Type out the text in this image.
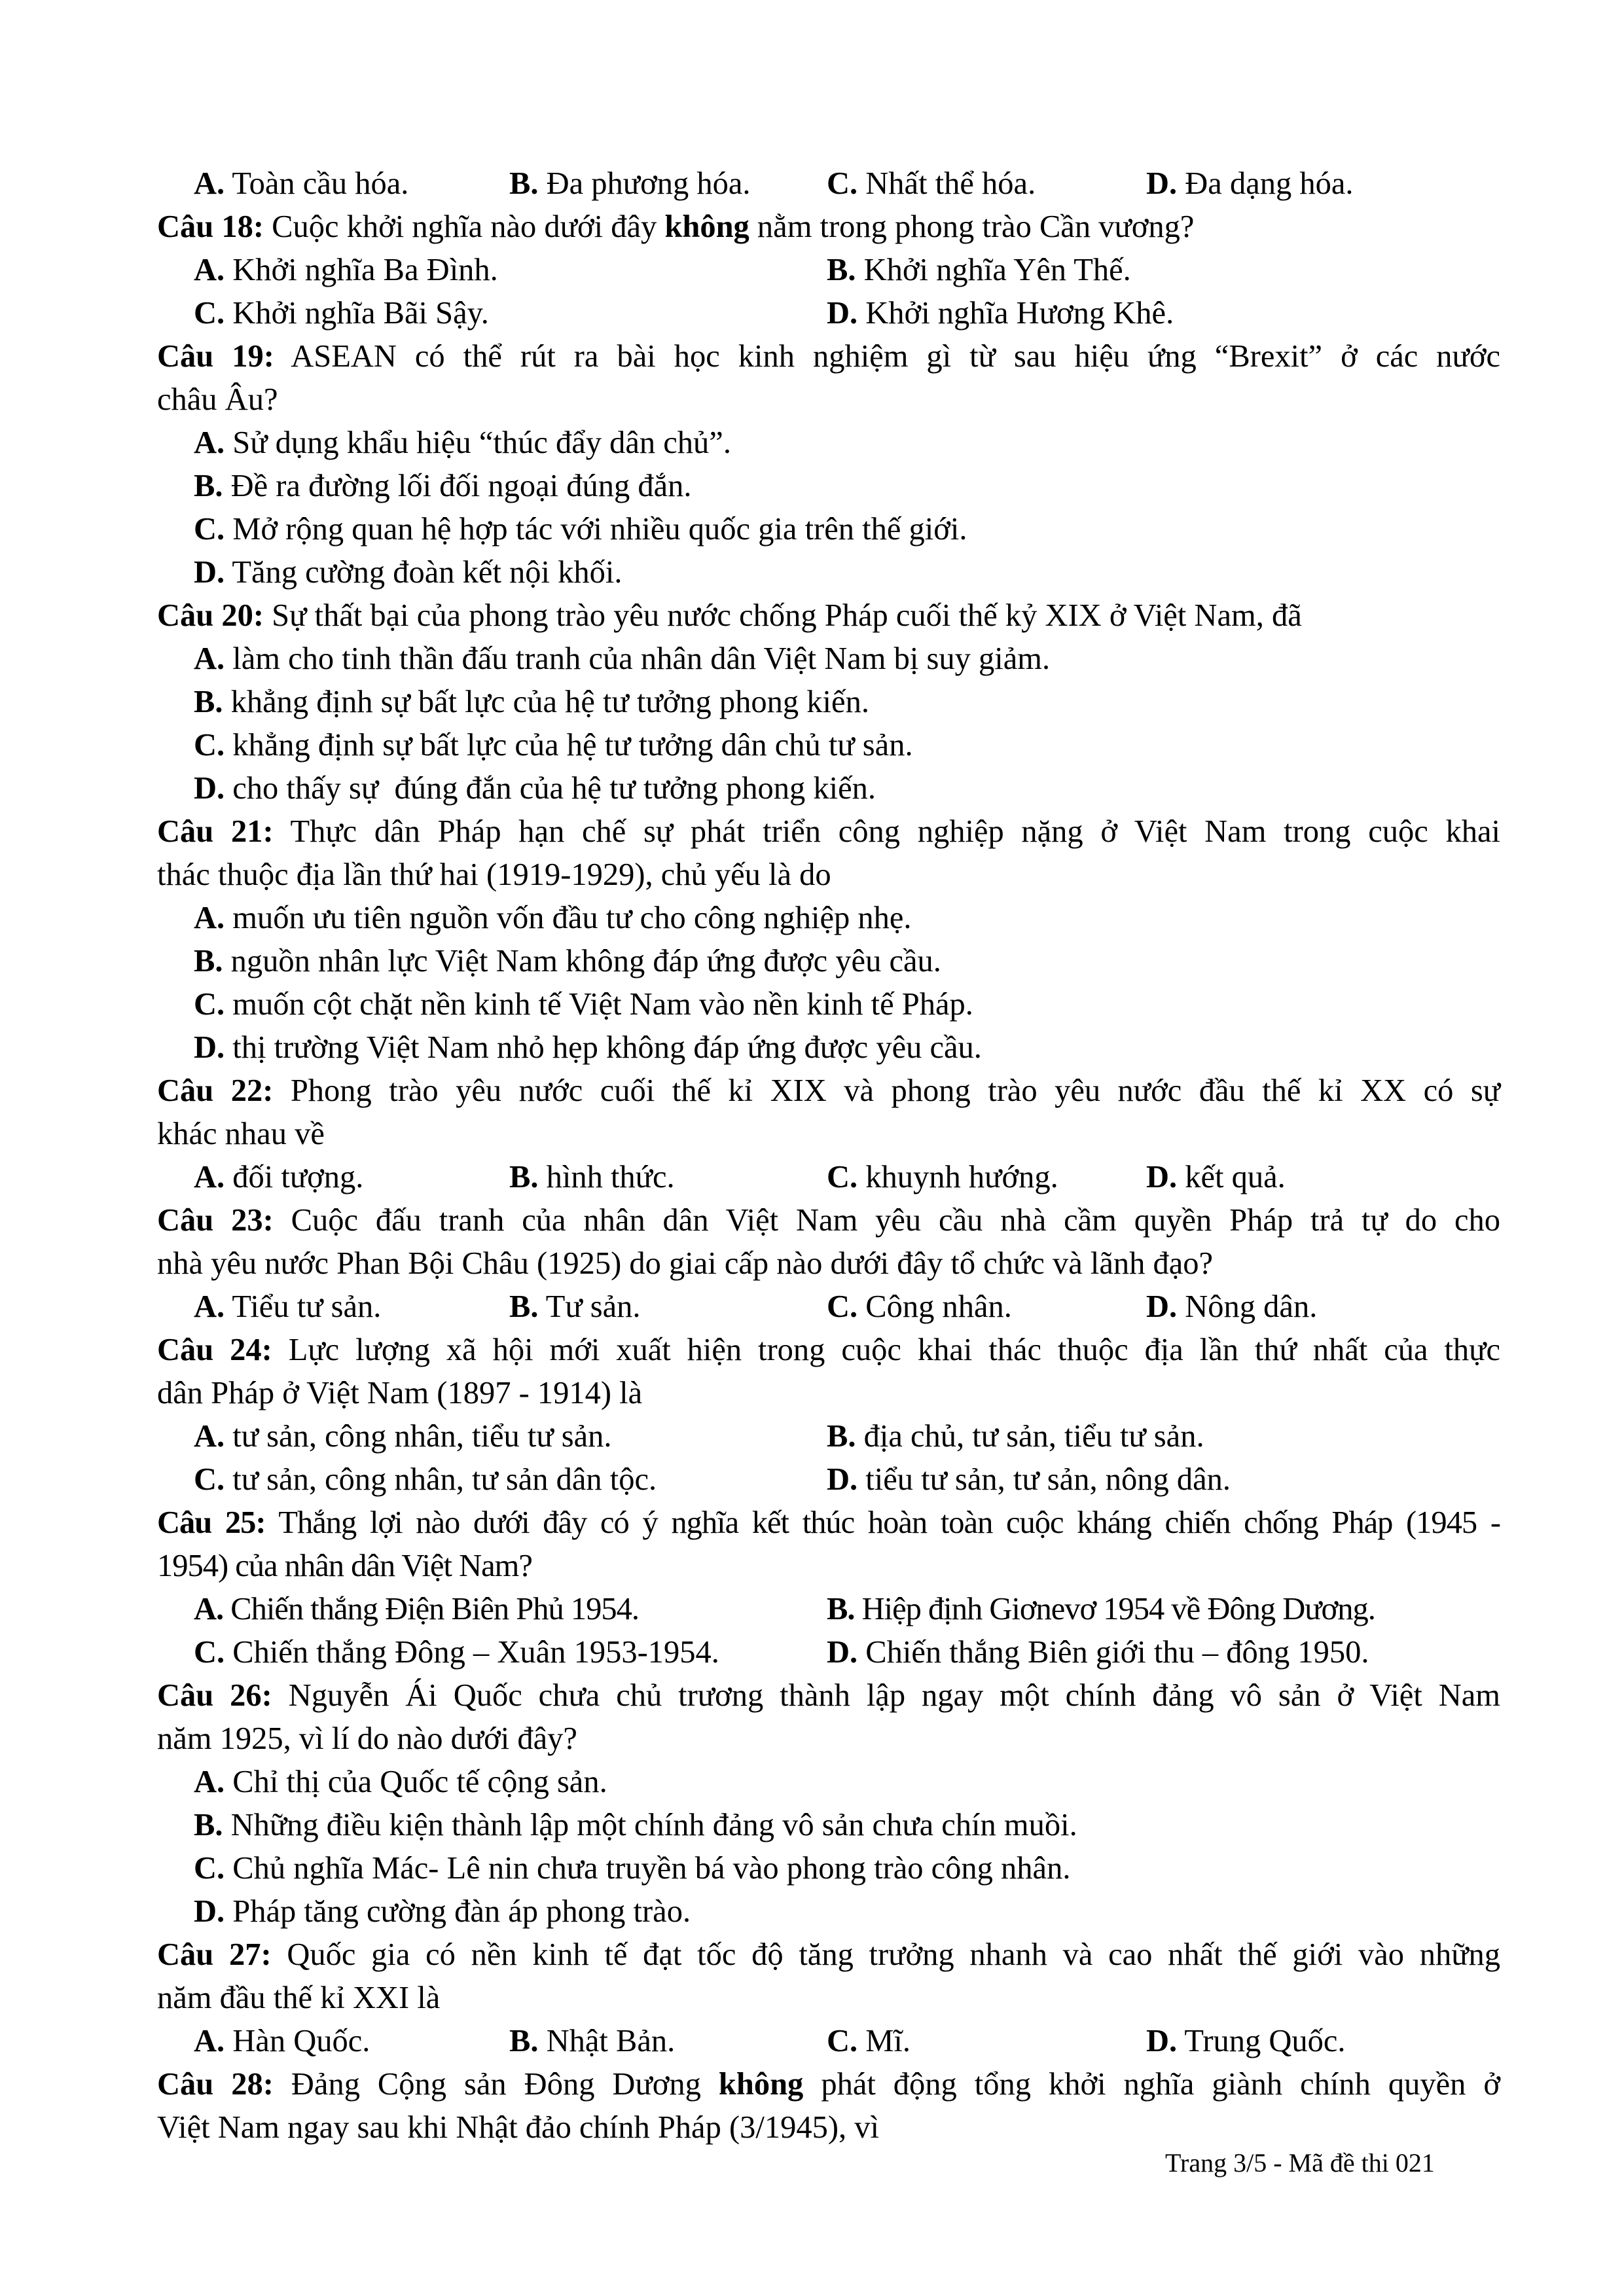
A. Toàn cầu hóa.	B. Đa phương hóa. C. Nhất thể hóa.	D. Đa dạng hóa.
Câu 18: Cuộc khởi nghĩa nào dưới đây không nằm trong phong trào Cần vương?
A. Khởi nghĩa Ba Đình.	B. Khởi nghĩa Yên Thế.
C. Khởi nghĩa Bãi Sậy.	D. Khởi nghĩa Hương Khê.
Câu 19: ASEAN có thể rút ra bài học kinh nghiệm gì từ sau hiệu ứng “Brexit” ở các nước
châu Âu?
A. Sử dụng khẩu hiệu “thúc đẩy dân chủ”.
B. Đề ra đường lối đối ngoại đúng đắn.
C. Mở rộng quan hệ hợp tác với nhiều quốc gia trên thế giới.
D. Tăng cường đoàn kết nội khối.
Câu 20: Sự thất bại của phong trào yêu nước chống Pháp cuối thế kỷ XIX ở Việt Nam, đã
A. làm cho tinh thần đấu tranh của nhân dân Việt Nam bị suy giảm.
B. khẳng định sự bất lực của hệ tư tưởng phong kiến.
C. khẳng định sự bất lực của hệ tư tưởng dân chủ tư sản.
D. cho thấy sự  đúng đắn của hệ tư tưởng phong kiến.
Câu 21: Thực dân Pháp hạn chế sự phát triển công nghiệp nặng ở Việt Nam trong cuộc khai
thác thuộc địa lần thứ hai (1919-1929), chủ yếu là do
A. muốn ưu tiên nguồn vốn đầu tư cho công nghiệp nhẹ.
B. nguồn nhân lực Việt Nam không đáp ứng được yêu cầu.
C. muốn cột chặt nền kinh tế Việt Nam vào nền kinh tế Pháp.
D. thị trường Việt Nam nhỏ hẹp không đáp ứng được yêu cầu.
Câu 22: Phong trào yêu nước cuối thế kỉ XIX và phong trào yêu nước đầu thế kỉ XX có sự
khác nhau về
A. đối tượng.	B. hình thức.	C. khuynh hướng.	D. kết quả.
Câu 23: Cuộc đấu tranh của nhân dân Việt Nam yêu cầu nhà cầm quyền Pháp trả tự do cho
nhà yêu nước Phan Bội Châu (1925) do giai cấp nào dưới đây tổ chức và lãnh đạo?
A. Tiểu tư sản.	B. Tư sản.	C. Công nhân.	D. Nông dân.
Câu 24: Lực lượng xã hội mới xuất hiện trong cuộc khai thác thuộc địa lần thứ nhất của thực
dân Pháp ở Việt Nam (1897 - 1914) là
A. tư sản, công nhân, tiểu tư sản.	B. địa chủ, tư sản, tiểu tư sản.
C. tư sản, công nhân, tư sản dân tộc.	D. tiểu tư sản, tư sản, nông dân.
Câu 25: Thắng lợi nào dưới đây có ý nghĩa kết thúc hoàn toàn cuộc kháng chiến chống Pháp (1945 -
1954) của nhân dân Việt Nam?
A. Chiến thắng Điện Biên Phủ 1954.	B. Hiệp định Giơnevơ 1954 về Đông Dương.
C. Chiến thắng Đông – Xuân 1953-1954.	D. Chiến thắng Biên giới thu – đông 1950.
Câu 26: Nguyễn Ái Quốc chưa chủ trương thành lập ngay một chính đảng vô sản ở Việt Nam
năm 1925, vì lí do nào dưới đây?
A. Chỉ thị của Quốc tế cộng sản.
B. Những điều kiện thành lập một chính đảng vô sản chưa chín muồi.
C. Chủ nghĩa Mác- Lê nin chưa truyền bá vào phong trào công nhân.
D. Pháp tăng cường đàn áp phong trào.
Câu 27: Quốc gia có nền kinh tế đạt tốc độ tăng trưởng nhanh và cao nhất thế giới vào những
năm đầu thế kỉ XXI là
A. Hàn Quốc.	B. Nhật Bản.	C. Mĩ.	D. Trung Quốc.
Câu 28: Đảng Cộng sản Đông Dương không phát động tổng khởi nghĩa giành chính quyền ở
Việt Nam ngay sau khi Nhật đảo chính Pháp (3/1945), vì
Trang 3/5 - Mã đề thi 021
